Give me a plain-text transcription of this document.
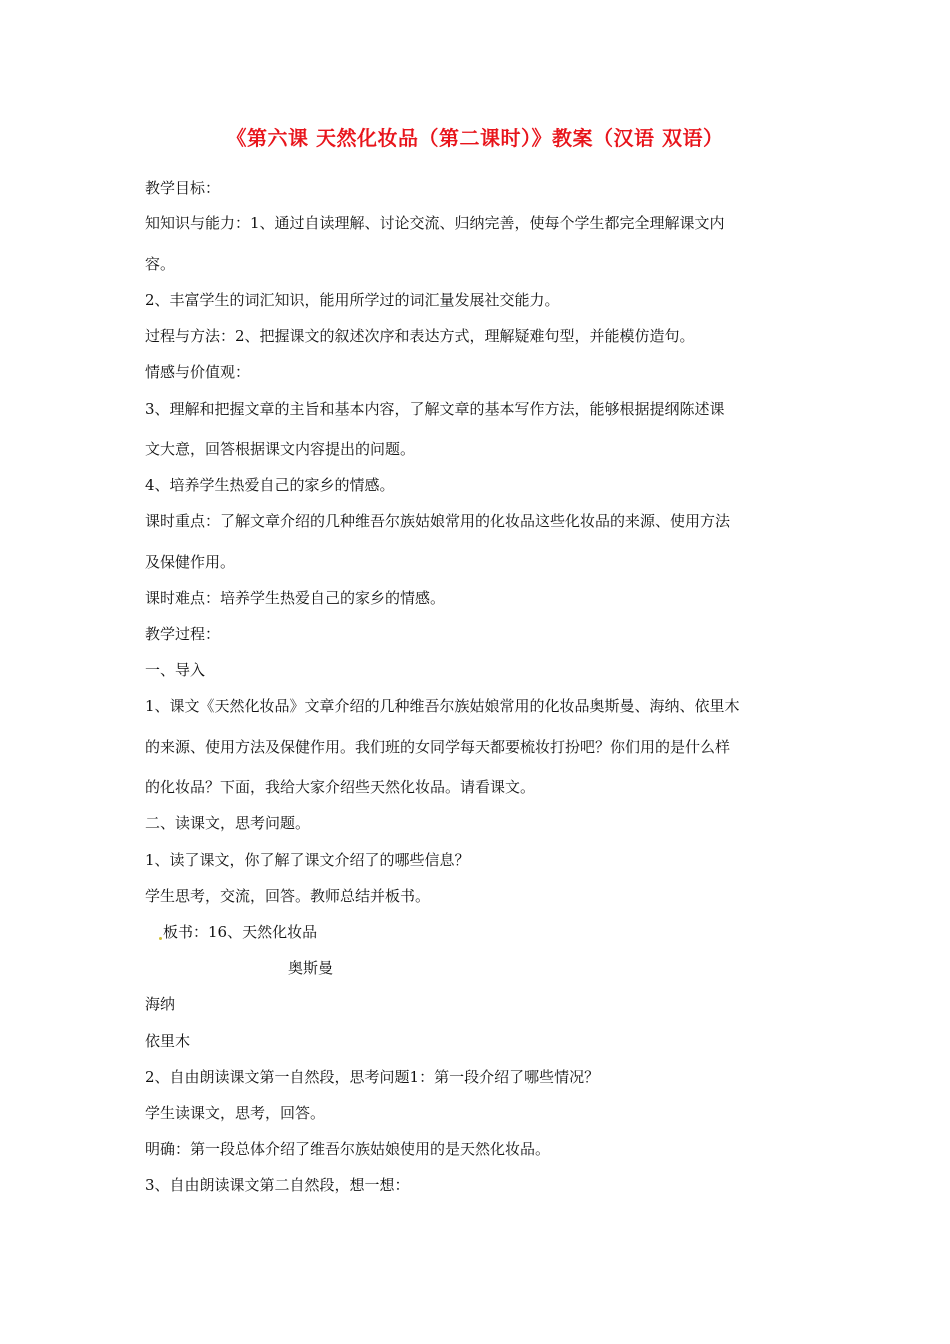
《第六课 天然化妆品（第二课时）》教案（汉语 双语）
教学目标：
知知识与能力：1、通过自读理解、讨论交流、归纳完善，使每个学生都完全理解课文内
容。
2、丰富学生的词汇知识，能用所学过的词汇量发展社交能力。
过程与方法：2、把握课文的叙述次序和表达方式，理解疑难句型，并能模仿造句。
情感与价值观：
3、理解和把握文章的主旨和基本内容，了解文章的基本写作方法，能够根据提纲陈述课
文大意，回答根据课文内容提出的问题。
4、培养学生热爱自己的家乡的情感。
课时重点：了解文章介绍的几种维吾尔族姑娘常用的化妆品这些化妆品的来源、使用方法
及保健作用。
课时难点：培养学生热爱自己的家乡的情感。
教学过程：
一、导入
1、课文《天然化妆品》文章介绍的几种维吾尔族姑娘常用的化妆品奥斯曼、海纳、依里木
的来源、使用方法及保健作用。我们班的女同学每天都要梳妆打扮吧？你们用的是什么样
的化妆品？下面，我给大家介绍些天然化妆品。请看课文。
二、读课文，思考问题。
1、读了课文，你了解了课文介绍了的哪些信息？
学生思考，交流，回答。教师总结并板书。
板书：16、天然化妆品
奥斯曼
海纳
依里木
2、自由朗读课文第一自然段，思考问题1：第一段介绍了哪些情况？
学生读课文，思考，回答。
明确：第一段总体介绍了维吾尔族姑娘使用的是天然化妆品。
3、自由朗读课文第二自然段，想一想：
